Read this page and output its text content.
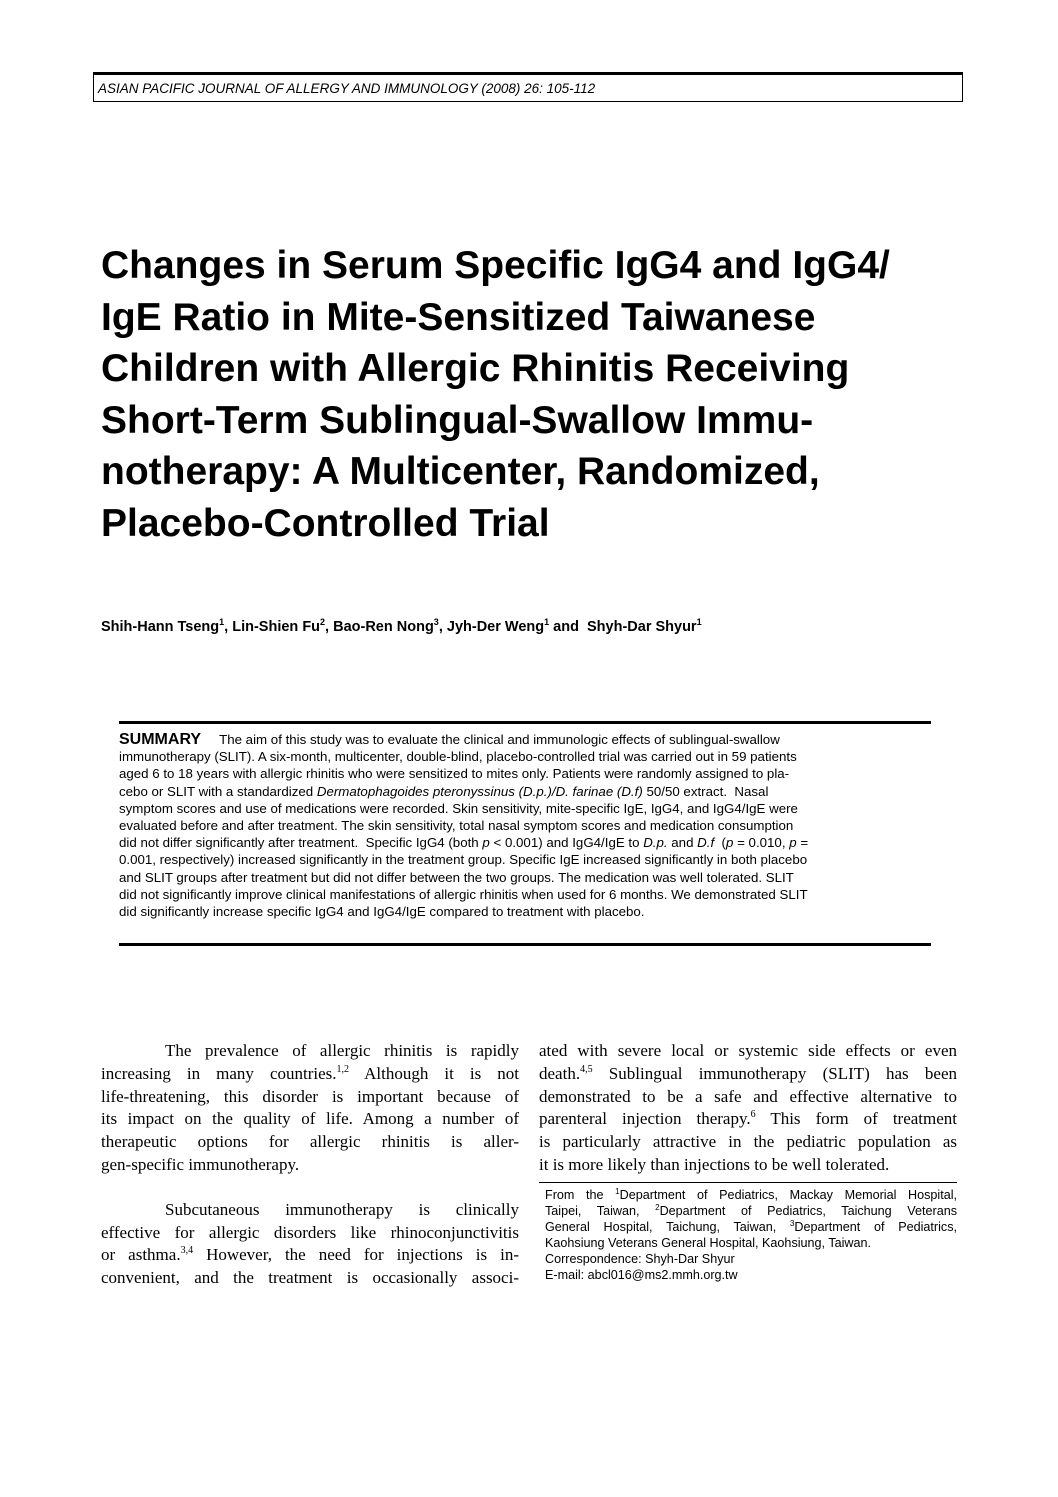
ASIAN PACIFIC JOURNAL OF ALLERGY AND IMMUNOLOGY (2008) 26: 105-112
Changes in Serum Specific IgG4 and IgG4/
IgE Ratio in Mite-Sensitized Taiwanese
Children with Allergic Rhinitis Receiving
Short-Term Sublingual-Swallow Immu-
notherapy: A Multicenter, Randomized,
Placebo-Controlled Trial
Shih-Hann Tseng$^1$, Lin-Shien Fu$^2$, Bao-Ren Nong$^3$, Jyh-Der Weng$^1$ and  Shyh-Dar Shyur$^1$
SUMMARY The aim of this study was to evaluate the clinical and immunologic effects of sublingual-swallow
immunotherapy (SLIT). A six-month, multicenter, double-blind, placebo-controlled trial was carried out in 59 patients
aged 6 to 18 years with allergic rhinitis who were sensitized to mites only. Patients were randomly assigned to pla-
cebo or SLIT with a standardized Dermatophagoides pteronyssinus (D.p.)/D. farinae (D.f) 50/50 extract.  Nasal
symptom scores and use of medications were recorded. Skin sensitivity, mite-specific IgE, IgG4, and IgG4/IgE were
evaluated before and after treatment. The skin sensitivity, total nasal symptom scores and medication consumption
did not differ significantly after treatment.  Specific IgG4 (both p < 0.001) and IgG4/IgE to D.p. and D.f  (p = 0.010, p =
0.001, respectively) increased significantly in the treatment group. Specific IgE increased significantly in both placebo
and SLIT groups after treatment but did not differ between the two groups. The medication was well tolerated. SLIT
did not significantly improve clinical manifestations of allergic rhinitis when used for 6 months. We demonstrated SLIT
did significantly increase specific IgG4 and IgG4/IgE compared to treatment with placebo.
The prevalence of allergic rhinitis is rapidly
increasing in many countries.$^{1,2}$ Although it is not
life-threatening, this disorder is important because of
its impact on the quality of life. Among a number of
therapeutic options for allergic rhinitis is aller-
gen-specific immunotherapy.
Subcutaneous immunotherapy is clinically
effective for allergic disorders like rhinoconjunctivitis
or asthma.$^{3,4}$ However, the need for injections is in-
convenient, and the treatment is occasionally associ-
ated with severe local or systemic side effects or even
death.$^{4,5}$ Sublingual immunotherapy (SLIT) has been
demonstrated to be a safe and effective alternative to
parenteral injection therapy.$^6$ This form of treatment
is particularly attractive in the pediatric population as
it is more likely than injections to be well tolerated.
From the $^1$Department of Pediatrics, Mackay Memorial Hospital,
Taipei, Taiwan, $^2$Department of Pediatrics, Taichung Veterans
General Hospital, Taichung, Taiwan, $^3$Department of Pediatrics,
Kaohsiung Veterans General Hospital, Kaohsiung, Taiwan.
Correspondence: Shyh-Dar Shyur
E-mail: abcl016@ms2.mmh.org.tw
